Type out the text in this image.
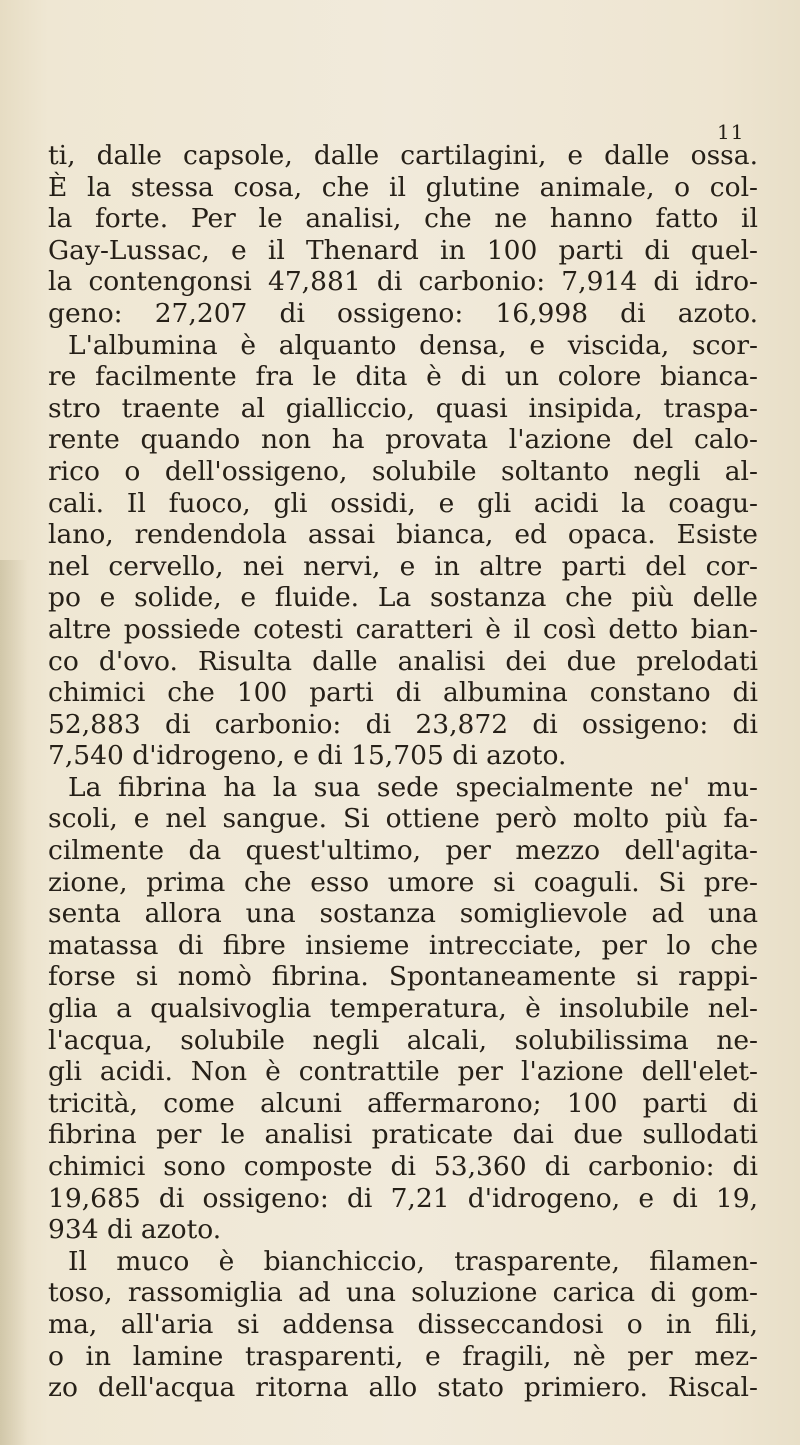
11
ti, dalle capsole, dalle cartilagini, e dalle ossa.
È la stessa cosa, che il glutine animale, o col-
la forte. Per le analisi, che ne hanno fatto il
Gay-Lussac, e il Thenard in 100 parti di quel-
la contengonsi 47,881 di carbonio: 7,914 di idro-
geno: 27,207 di ossigeno: 16,998 di azoto.
L'albumina è alquanto densa, e viscida, scor-
re facilmente fra le dita è di un colore bianca-
stro traente al gialliccio, quasi insipida, traspa-
rente quando non ha provata l'azione del calo-
rico o dell'ossigeno, solubile soltanto negli al-
cali. Il fuoco, gli ossidi, e gli acidi la coagu-
lano, rendendola assai bianca, ed opaca. Esiste
nel cervello, nei nervi, e in altre parti del cor-
po e solide, e fluide. La sostanza che più delle
altre possiede cotesti caratteri è il così detto bian-
co d'ovo. Risulta dalle analisi dei due prelodati
chimici che 100 parti di albumina constano di
52,883 di carbonio: di 23,872 di ossigeno: di
7,540 d'idrogeno, e di 15,705 di azoto.
La fibrina ha la sua sede specialmente ne' mu-
scoli, e nel sangue. Si ottiene però molto più fa-
cilmente da quest'ultimo, per mezzo dell'agita-
zione, prima che esso umore si coaguli. Si pre-
senta allora una sostanza somiglievole ad una
matassa di fibre insieme intrecciate, per lo che
forse si nomò fibrina. Spontaneamente si rappi-
glia a qualsivoglia temperatura, è insolubile nel-
l'acqua, solubile negli alcali, solubilissima ne-
gli acidi. Non è contrattile per l'azione dell'elet-
tricità, come alcuni affermarono; 100 parti di
fibrina per le analisi praticate dai due sullodati
chimici sono composte di 53,360 di carbonio: di
19,685 di ossigeno: di 7,21 d'idrogeno, e di 19,
934 di azoto.
Il muco è bianchiccio, trasparente, filamen-
toso, rassomiglia ad una soluzione carica di gom-
ma, all'aria si addensa disseccandosi o in fili,
o in lamine trasparenti, e fragili, nè per mez-
zo dell'acqua ritorna allo stato primiero. Riscal-
